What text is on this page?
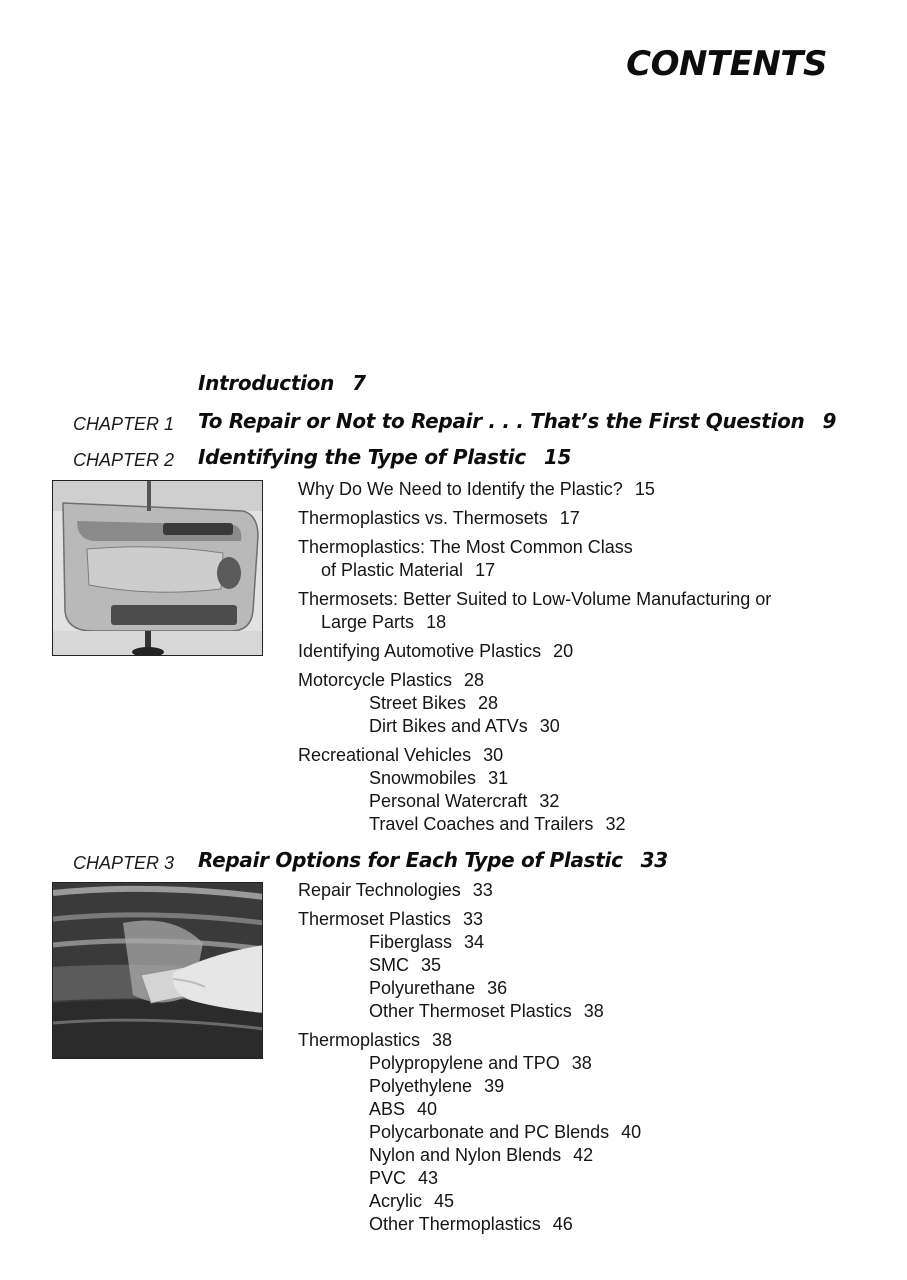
CONTENTS
Introduction 7
CHAPTER 1 To Repair or Not to Repair . . . That’s the First Question 9
CHAPTER 2 Identifying the Type of Plastic 15
Why Do We Need to Identify the Plastic? 15
Thermoplastics vs. Thermosets 17
Thermoplastics: The Most Common Class
of Plastic Material 17
Thermosets: Better Suited to Low-Volume Manufacturing or
Large Parts 18
Identifying Automotive Plastics 20
Motorcycle Plastics 28
Street Bikes 28
Dirt Bikes and ATVs 30
Recreational Vehicles 30
Snowmobiles 31
Personal Watercraft 32
Travel Coaches and Trailers 32
CHAPTER 3 Repair Options for Each Type of Plastic 33
Repair Technologies 33
Thermoset Plastics 33
Fiberglass 34
SMC 35
Polyurethane 36
Other Thermoset Plastics 38
Thermoplastics 38
Polypropylene and TPO 38
Polyethylene 39
ABS 40
Polycarbonate and PC Blends 40
Nylon and Nylon Blends 42
PVC 43
Acrylic 45
Other Thermoplastics 46
